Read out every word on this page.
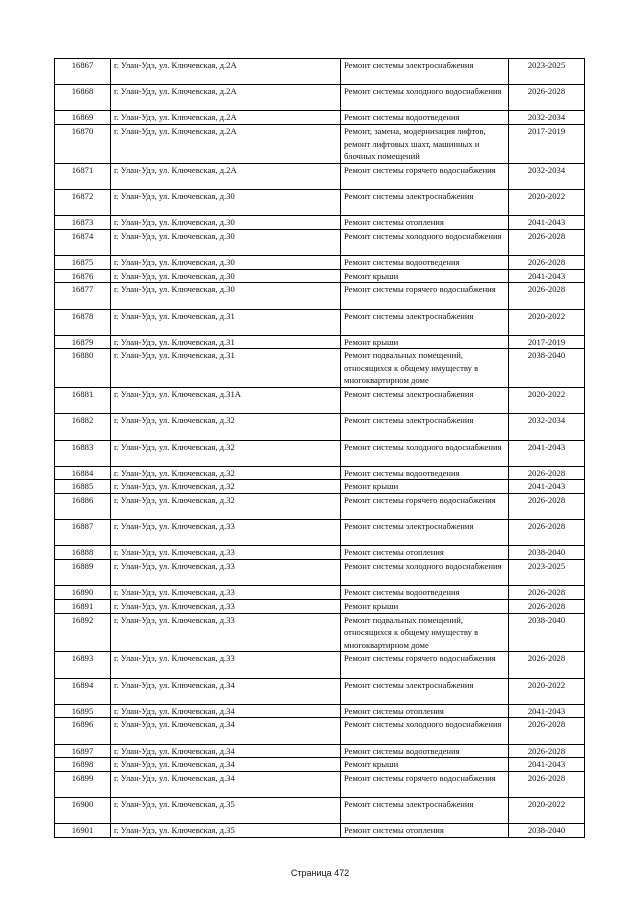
16867	г. Улан-Удэ, ул. Ключевская, д.2А	Ремонт системы электроснабжения	2023-2025
16868	г. Улан-Удэ, ул. Ключевская, д.2А	Ремонт системы холодного водоснабжения	2026-2028
16869	г. Улан-Удэ, ул. Ключевская, д.2А	Ремонт системы водоотведения	2032-2034
16870	г. Улан-Удэ, ул. Ключевская, д.2А	Ремонт, замена, модернизация лифтов, ремонт лифтовых шахт, машинных и блочных помещений	2017-2019
16871	г. Улан-Удэ, ул. Ключевская, д.2А	Ремонт системы горячего водоснабжения	2032-2034
16872	г. Улан-Удэ, ул. Ключевская, д.30	Ремонт системы электроснабжения	2020-2022
16873	г. Улан-Удэ, ул. Ключевская, д.30	Ремонт системы отопления	2041-2043
16874	г. Улан-Удэ, ул. Ключевская, д.30	Ремонт системы холодного водоснабжения	2026-2028
16875	г. Улан-Удэ, ул. Ключевская, д.30	Ремонт системы водоотведения	2026-2028
16876	г. Улан-Удэ, ул. Ключевская, д.30	Ремонт крыши	2041-2043
16877	г. Улан-Удэ, ул. Ключевская, д.30	Ремонт системы горячего водоснабжения	2026-2028
16878	г. Улан-Удэ, ул. Ключевская, д.31	Ремонт системы электроснабжения	2020-2022
16879	г. Улан-Удэ, ул. Ключевская, д.31	Ремонт крыши	2017-2019
16880	г. Улан-Удэ, ул. Ключевская, д.31	Ремонт подвальных помещений, относящихся к общему имуществу в многоквартирном доме	2038-2040
16881	г. Улан-Удэ, ул. Ключевская, д.31А	Ремонт системы электроснабжения	2020-2022
16882	г. Улан-Удэ, ул. Ключевская, д.32	Ремонт системы электроснабжения	2032-2034
16883	г. Улан-Удэ, ул. Ключевская, д.32	Ремонт системы холодного водоснабжения	2041-2043
16884	г. Улан-Удэ, ул. Ключевская, д.32	Ремонт системы водоотведения	2026-2028
16885	г. Улан-Удэ, ул. Ключевская, д.32	Ремонт крыши	2041-2043
16886	г. Улан-Удэ, ул. Ключевская, д.32	Ремонт системы горячего водоснабжения	2026-2028
16887	г. Улан-Удэ, ул. Ключевская, д.33	Ремонт системы электроснабжения	2026-2028
16888	г. Улан-Удэ, ул. Ключевская, д.33	Ремонт системы отопления	2038-2040
16889	г. Улан-Удэ, ул. Ключевская, д.33	Ремонт системы холодного водоснабжения	2023-2025
16890	г. Улан-Удэ, ул. Ключевская, д.33	Ремонт системы водоотведения	2026-2028
16891	г. Улан-Удэ, ул. Ключевская, д.33	Ремонт крыши	2026-2028
16892	г. Улан-Удэ, ул. Ключевская, д.33	Ремонт подвальных помещений, относящихся к общему имуществу в многоквартирном доме	2038-2040
16893	г. Улан-Удэ, ул. Ключевская, д.33	Ремонт системы горячего водоснабжения	2026-2028
16894	г. Улан-Удэ, ул. Ключевская, д.34	Ремонт системы электроснабжения	2020-2022
16895	г. Улан-Удэ, ул. Ключевская, д.34	Ремонт системы отопления	2041-2043
16896	г. Улан-Удэ, ул. Ключевская, д.34	Ремонт системы холодного водоснабжения	2026-2028
16897	г. Улан-Удэ, ул. Ключевская, д.34	Ремонт системы водоотведения	2026-2028
16898	г. Улан-Удэ, ул. Ключевская, д.34	Ремонт крыши	2041-2043
16899	г. Улан-Удэ, ул. Ключевская, д.34	Ремонт системы горячего водоснабжения	2026-2028
16900	г. Улан-Удэ, ул. Ключевская, д.35	Ремонт системы электроснабжения	2020-2022
16901	г. Улан-Удэ, ул. Ключевская, д.35	Ремонт системы отопления	2038-2040
Страница 472
